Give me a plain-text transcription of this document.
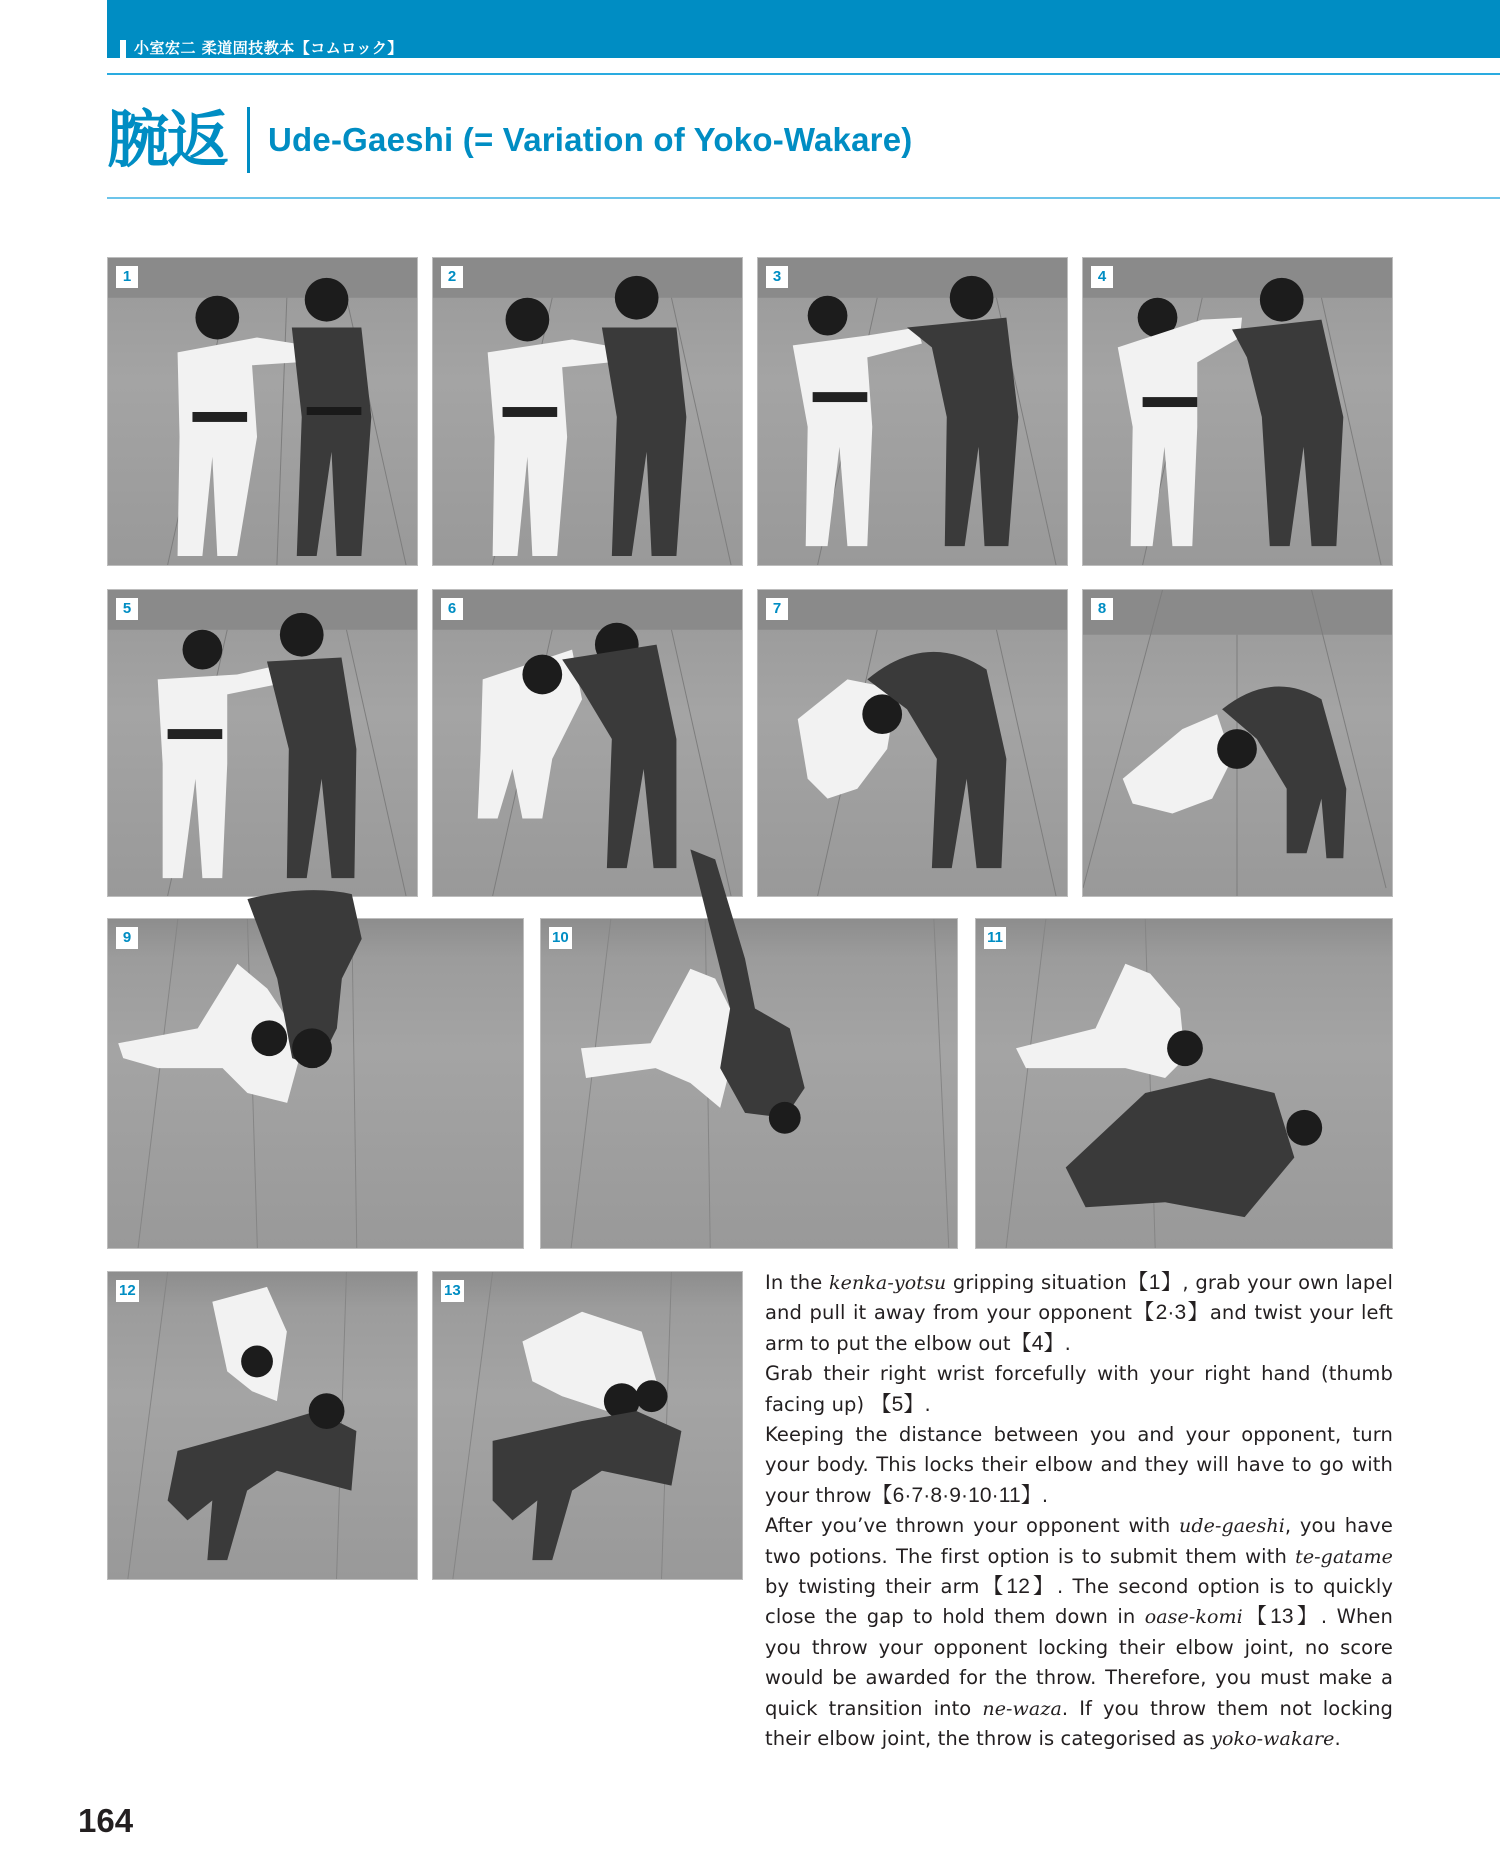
小室宏二 柔道固技教本【コムロック】
腕返 Ude-Gaeshi (= Variation of Yoko-Wakare)
1	2	3	4
5	6	7	8
9	10	11
12	13	In the kenka-yotsu gripping situation【1】, grab your own lapel and pull it away from your opponent【2·3】and twist your left arm to put the elbow out【4】.

Grab their right wrist forcefully with your right hand (thumb facing up) 【5】.

Keeping the distance between you and your opponent, turn your body. This locks their elbow and they will have to go with your throw【6·7·8·9·10·11】.

After you’ve thrown your opponent with ude-gaeshi, you have two potions. The first option is to submit them with te-gatame by twisting their arm【12】. The second option is to quickly close the gap to hold them down in oase-komi【13】. When you throw your opponent locking their elbow joint, no score would be awarded for the throw. Therefore, you must make a quick transition into ne-waza. If you throw them not locking their elbow joint, the throw is categorised as yoko-wakare.

164
